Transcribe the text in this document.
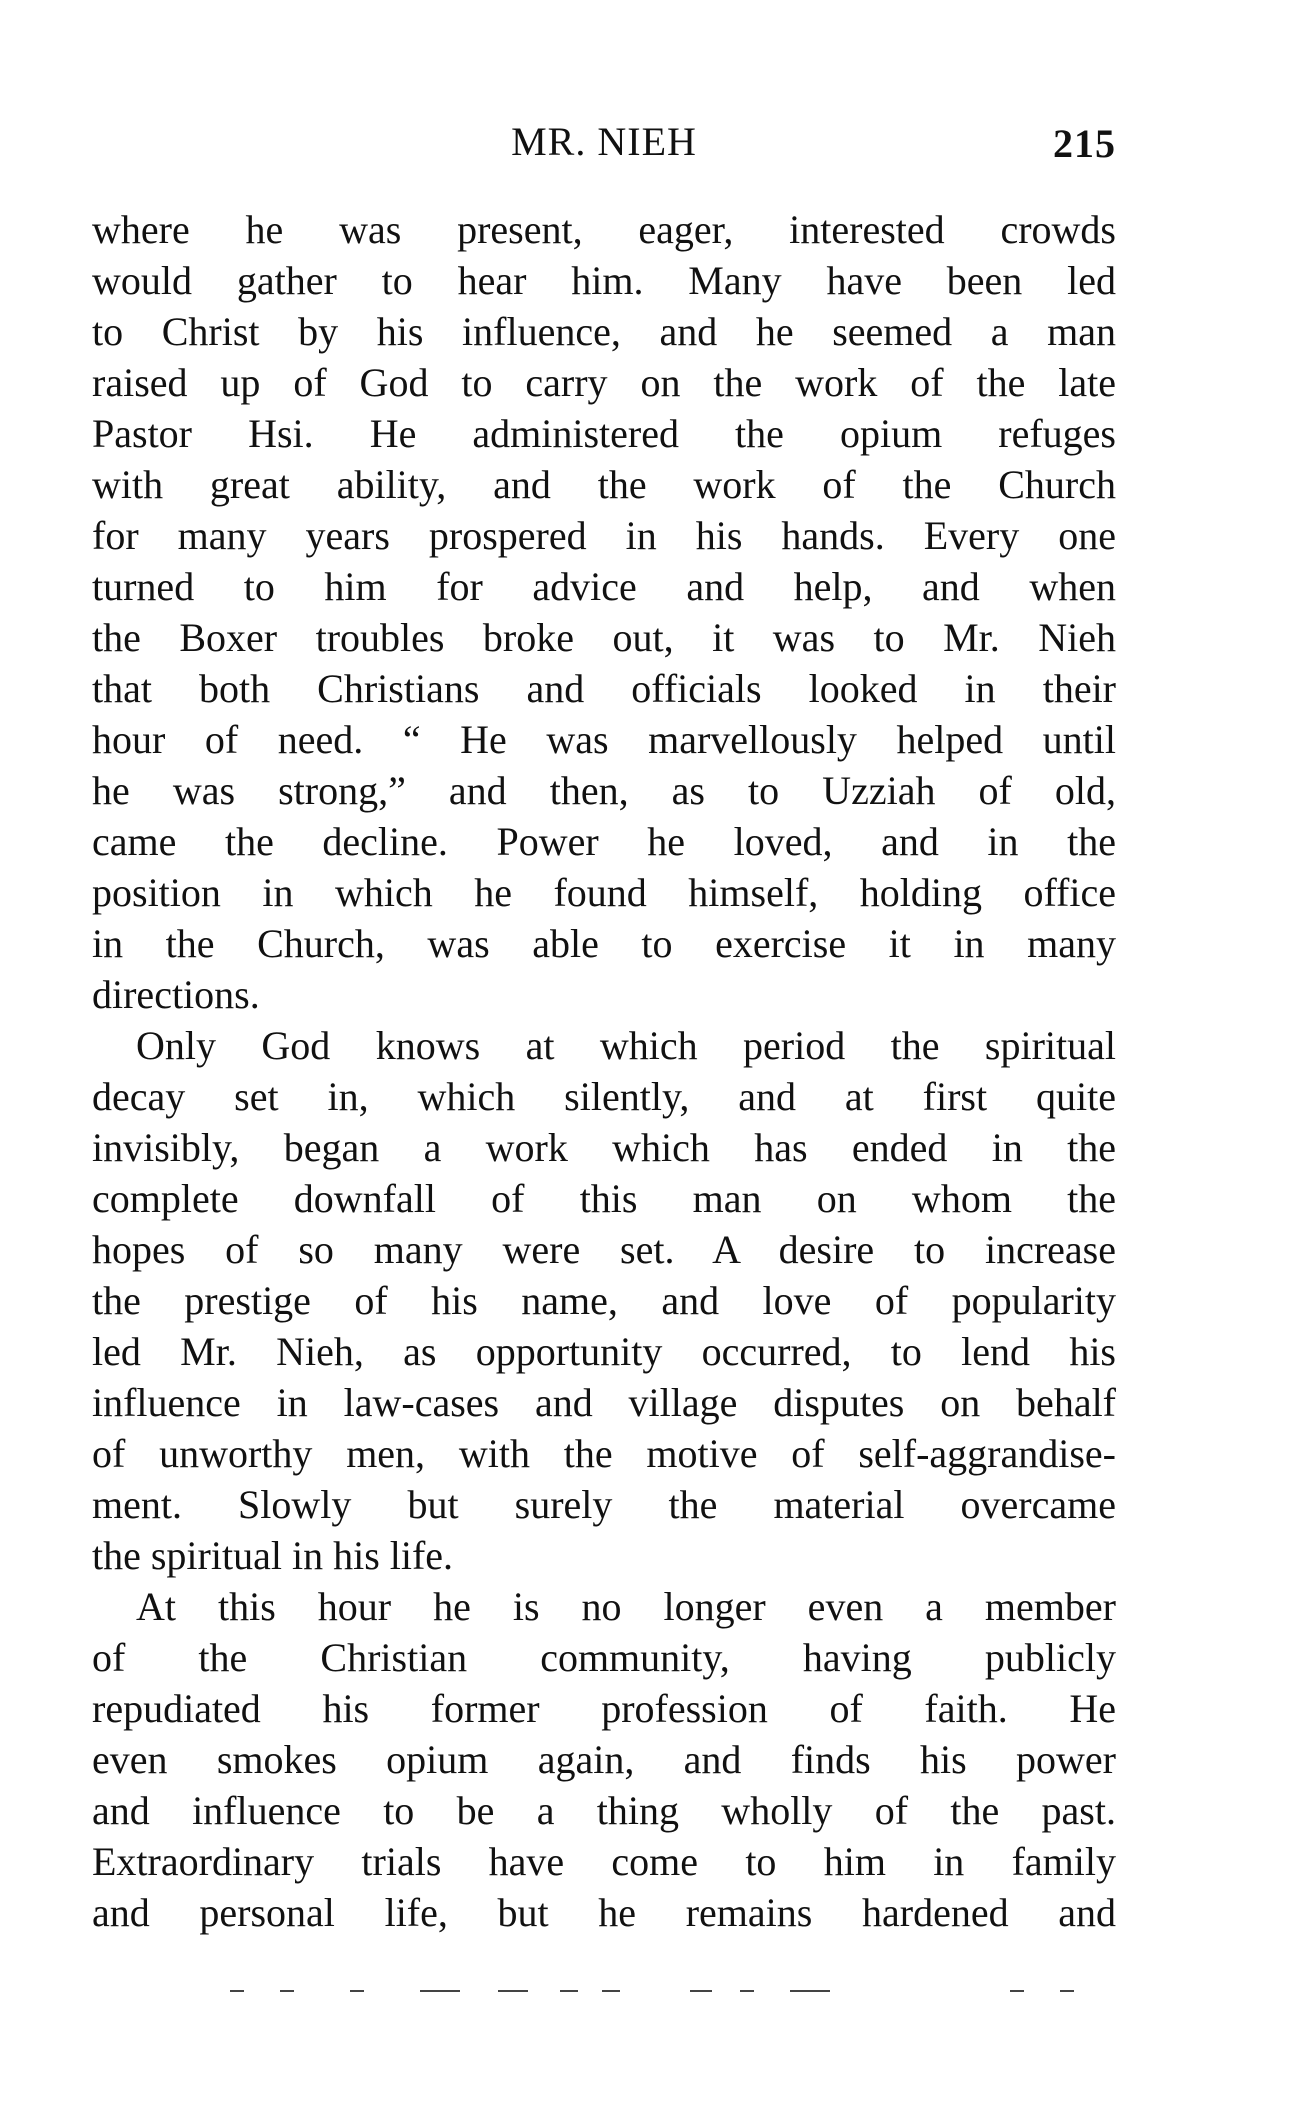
MR. NIEH	215
where he was present, eager, interested crowds
would gather to hear him. Many have been led
to Christ by his influence, and he seemed a man
raised up of God to carry on the work of the late
Pastor Hsi. He administered the opium refuges
with great ability, and the work of the Church
for many years prospered in his hands. Every one
turned to him for advice and help, and when
the Boxer troubles broke out, it was to Mr. Nieh
that both Christians and officials looked in their
hour of need. “ He was marvellously helped until
he was strong,” and then, as to Uzziah of old,
came the decline. Power he loved, and in the
position in which he found himself, holding office
in the Church, was able to exercise it in many
directions.
Only God knows at which period the spiritual
decay set in, which silently, and at first quite
invisibly, began a work which has ended in the
complete downfall of this man on whom the
hopes of so many were set. A desire to increase
the prestige of his name, and love of popularity
led Mr. Nieh, as opportunity occurred, to lend his
influence in law-cases and village disputes on behalf
of unworthy men, with the motive of self-aggrandise-
ment. Slowly but surely the material overcame
the spiritual in his life.
At this hour he is no longer even a member
of the Christian community, having publicly
repudiated his former profession of faith. He
even smokes opium again, and finds his power
and influence to be a thing wholly of the past.
Extraordinary trials have come to him in family
and personal life, but he remains hardened and
